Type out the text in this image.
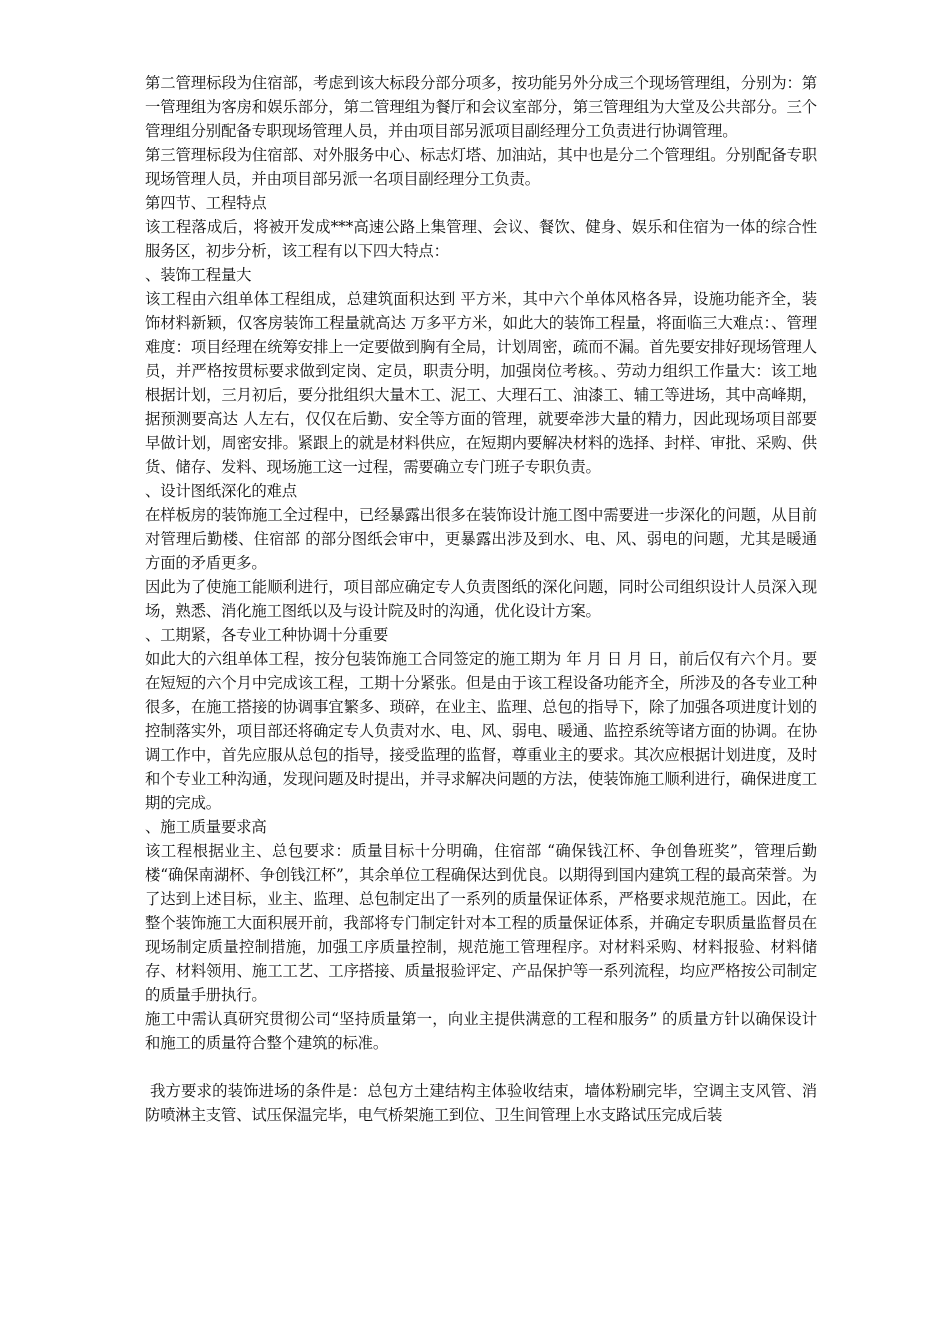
第二管理标段为住宿部，考虑到该大标段分部分项多，按功能另外分成三个现场管理组，分别为：第一管理组为客房和娱乐部分，第二管理组为餐厅和会议室部分，第三管理组为大堂及公共部分。三个管理组分别配备专职现场管理人员，并由项目部另派项目副经理分工负责进行协调管理。

第三管理标段为住宿部、对外服务中心、标志灯塔、加油站，其中也是分二个管理组。分别配备专职现场管理人员，并由项目部另派一名项目副经理分工负责。

第四节、工程特点

该工程落成后，将被开发成***高速公路上集管理、会议、餐饮、健身、娱乐和住宿为一体的综合性服务区，初步分析，该工程有以下四大特点：

、装饰工程量大

该工程由六组单体工程组成，总建筑面积达到 平方米，其中六个单体风格各异，设施功能齐全，装饰材料新颖，仅客房装饰工程量就高达 万多平方米，如此大的装饰工程量，将面临三大难点：、管理难度：项目经理在统筹安排上一定要做到胸有全局，计划周密，疏而不漏。首先要安排好现场管理人员，并严格按贯标要求做到定岗、定员，职责分明，加强岗位考核。、劳动力组织工作量大：该工地根据计划，三月初后，要分批组织大量木工、泥工、大理石工、油漆工、辅工等进场，其中高峰期，据预测要高达 人左右，仅仅在后勤、安全等方面的管理，就要牵涉大量的精力，因此现场项目部要早做计划，周密安排。紧跟上的就是材料供应，在短期内要解决材料的选择、封样、审批、采购、供货、储存、发料、现场施工这一过程，需要确立专门班子专职负责。

、设计图纸深化的难点

在样板房的装饰施工全过程中，已经暴露出很多在装饰设计施工图中需要进一步深化的问题，从目前对管理后勤楼、住宿部 的部分图纸会审中，更暴露出涉及到水、电、风、弱电的问题，尤其是暖通方面的矛盾更多。

因此为了使施工能顺利进行，项目部应确定专人负责图纸的深化问题，同时公司组织设计人员深入现场，熟悉、消化施工图纸以及与设计院及时的沟通，优化设计方案。

、工期紧，各专业工种协调十分重要

如此大的六组单体工程，按分包装饰施工合同签定的施工期为 年 月 日 月 日，前后仅有六个月。要在短短的六个月中完成该工程，工期十分紧张。但是由于该工程设备功能齐全，所涉及的各专业工种很多，在施工搭接的协调事宜繁多、琐碎，在业主、监理、总包的指导下，除了加强各项进度计划的控制落实外，项目部还将确定专人负责对水、电、风、弱电、暖通、监控系统等诸方面的协调。在协调工作中，首先应服从总包的指导，接受监理的监督，尊重业主的要求。其次应根据计划进度，及时和个专业工种沟通，发现问题及时提出，并寻求解决问题的方法，使装饰施工顺利进行，确保进度工期的完成。

、施工质量要求高

该工程根据业主、总包要求：质量目标十分明确，住宿部 “确保钱江杯、争创鲁班奖”，管理后勤楼“确保南湖杯、争创钱江杯”，其余单位工程确保达到优良。以期得到国内建筑工程的最高荣誉。为了达到上述目标，业主、监理、总包制定出了一系列的质量保证体系，严格要求规范施工。因此，在整个装饰施工大面积展开前，我部将专门制定针对本工程的质量保证体系，并确定专职质量监督员在现场制定质量控制措施，加强工序质量控制，规范施工管理程序。对材料采购、材料报验、材料储存、材料领用、施工工艺、工序搭接、质量报验评定、产品保护等一系列流程，均应严格按公司制定的质量手册执行。

施工中需认真研究贯彻公司“坚持质量第一，向业主提供满意的工程和服务” 的质量方针以确保设计和施工的质量符合整个建筑的标准。

我方要求的装饰进场的条件是：总包方土建结构主体验收结束，墙体粉刷完毕，空调主支风管、消防喷淋主支管、试压保温完毕，电气桥架施工到位、卫生间管理上水支路试压完成后装
